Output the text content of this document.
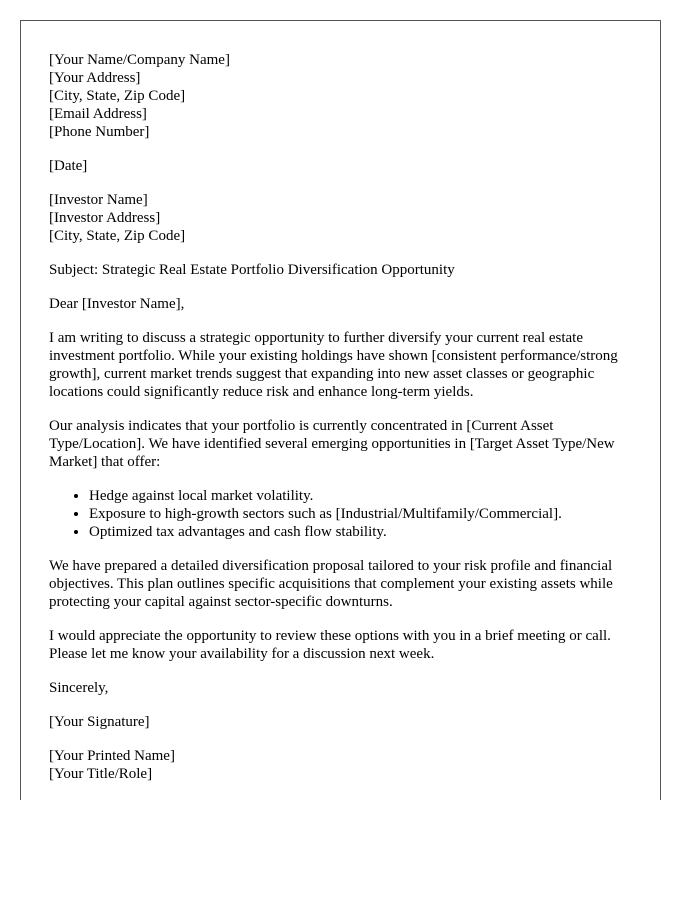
[Your Name/Company Name]
[Your Address]
[City, State, Zip Code]
[Email Address]
[Phone Number]
[Date]
[Investor Name]
[Investor Address]
[City, State, Zip Code]

Subject: Strategic Real Estate Portfolio Diversification Opportunity

Dear [Investor Name],

I am writing to discuss a strategic opportunity to further diversify your current real estate investment portfolio. While your existing holdings have shown [consistent performance/strong growth], current market trends suggest that expanding into new asset classes or geographic locations could significantly reduce risk and enhance long-term yields.

Our analysis indicates that your portfolio is currently concentrated in [Current Asset Type/Location]. We have identified several emerging opportunities in [Target Asset Type/New Market] that offer:

• Hedge against local market volatility.
• Exposure to high-growth sectors such as [Industrial/Multifamily/Commercial].
• Optimized tax advantages and cash flow stability.

We have prepared a detailed diversification proposal tailored to your risk profile and financial objectives. This plan outlines specific acquisitions that complement your existing assets while protecting your capital against sector-specific downturns.

I would appreciate the opportunity to review these options with you in a brief meeting or call. Please let me know your availability for a discussion next week.

Sincerely,

[Your Signature]

[Your Printed Name]
[Your Title/Role]
